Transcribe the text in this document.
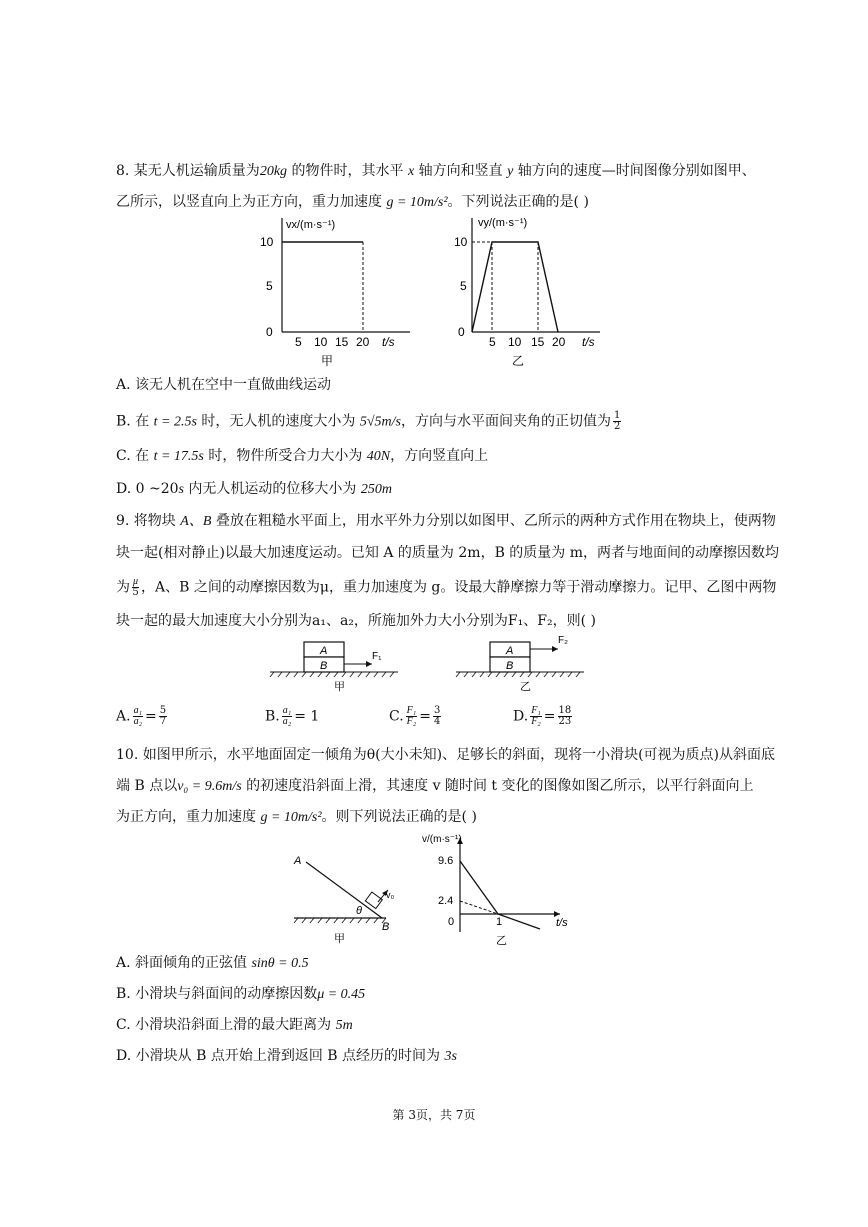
8. 某无人机运输质量为20kg 的物件时，其水平 x 轴方向和竖直 y 轴方向的速度—时间图像分别如图甲、
乙所示，以竖直向上为正方向，重力加速度 g = 10m/s²。下列说法正确的是( )
vx/(m·s⁻¹)
0
5
10
5 10 15 20 t/s
甲
vy/(m·s⁻¹)
0
5
10
5 10 15 20 t/s
乙
A. 该无人机在空中一直做曲线运动
B. 在 t = 2.5s 时，无人机的速度大小为 5√5m/s，方向与水平面间夹角的正切值为 $\frac{1}{2}$
C. 在 t = 17.5s 时，物件所受合力大小为 40N，方向竖直向上
D. 0 ~20s 内无人机运动的位移大小为 250m
9. 将物块 A、B 叠放在粗糙水平面上，用水平外力分别以如图甲、乙所示的两种方式作用在物块上，使两物
块一起(相对静止)以最大加速度运动。已知 A 的质量为 2m，B 的质量为 m，两者与地面间的动摩擦因数均
为 $\frac{\mu}{5}$ ，A、B 之间的动摩擦因数为μ，重力加速度为 g。设最大静摩擦力等于滑动摩擦力。记甲、乙图中两物
块一起的最大加速度大小分别为a₁、a₂，所施加外力大小分别为F₁、F₂，则( )
A
B
F₁
甲
A
B
F₂
乙
A. $\frac{\text{a₁}}{\text{a₂}} = \frac{5}{7}$	B. $\frac{\text{a₁}}{\text{a₂}} = 1$	C. $\frac{\text{F₁}}{\text{F₂}} = \frac{3}{4}$	D. $\frac{\text{F₁}}{\text{F₂}} = \frac{18}{23}$
10. 如图甲所示，水平地面固定一倾角为θ(大小未知)、足够长的斜面，现将一小滑块(可视为质点)从斜面底
端 B 点以v₀ = 9.6m/s 的初速度沿斜面上滑，其速度 v 随时间 t 变化的图像如图乙所示，以平行斜面向上
为正方向，重力加速度 g = 10m/s²。则下列说法正确的是( )
A
B
θ
v₀
甲
v/(m·s⁻¹)
9.6
2.4
0	1	t/s
乙
A. 斜面倾角的正弦值 sinθ = 0.5
B. 小滑块与斜面间的动摩擦因数μ = 0.45
C. 小滑块沿斜面上滑的最大距离为 5m
D. 小滑块从 B 点开始上滑到返回 B 点经历的时间为 3s
第 3页，共 7页
